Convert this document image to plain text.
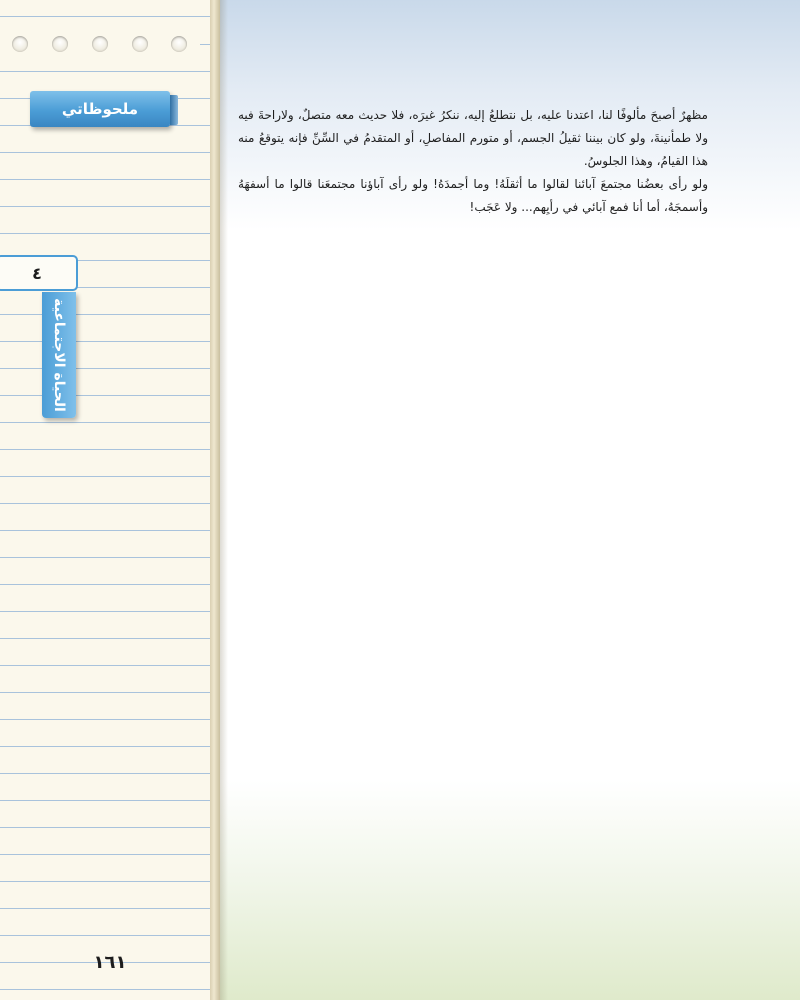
ملحوظاتي
٤
الحياة الاجتماعية
١٦١

مظهرٌ أصبحَ مألوفًا لنا، اعتدنا عليه، بل نتطلعُ إليه، ننكرُ غيرَه، فلا حديث معه متصلٌ، ولاراحةَ فيه ولا طمأنينةَ، ولو كان بيننا ثقيلُ الجسم، أو متورم المفاصلِ، أو المتقدمُ في السِّنِّ فإنه يتوقعُ منه هذا القيامُ، وهذا الجلوسُ.

ولو رأى بعضُنا مجتمعَ آبائنا لقالوا ما أثقلَهُ! وما أجمدَهُ! ولو رأى آباؤنا مجتمعَنا قالوا ما أسفهَهُ وأسمجَهُ، أما أنا فمع آبائي في رأيِهم... ولا عَجَب!
